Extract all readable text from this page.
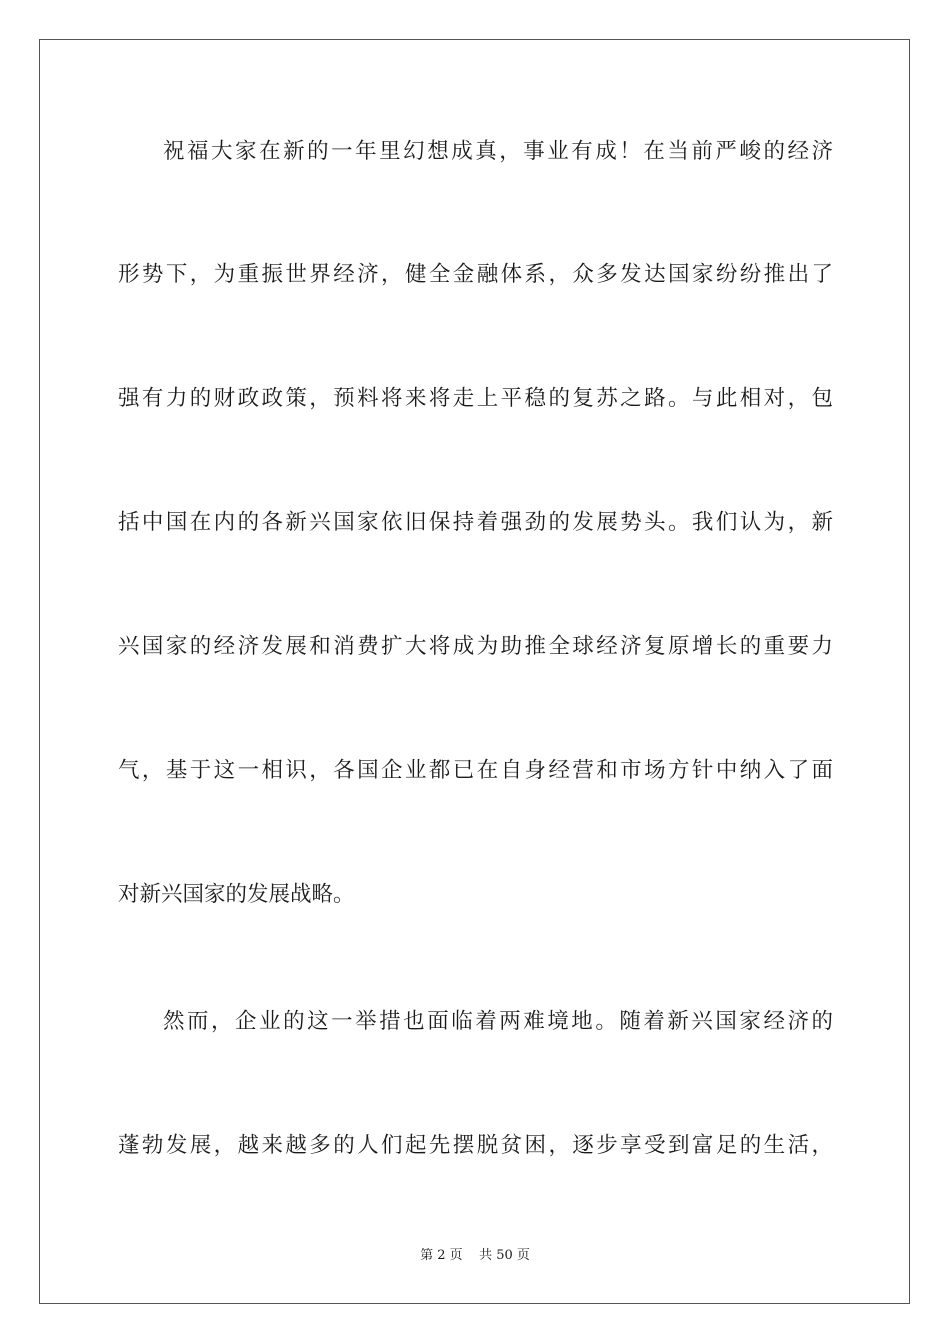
祝福大家在新的一年里幻想成真，事业有成！在当前严峻的经济
形势下，为重振世界经济，健全金融体系，众多发达国家纷纷推出了
强有力的财政政策，预料将来将走上平稳的复苏之路。与此相对，包
括中国在内的各新兴国家依旧保持着强劲的发展势头。我们认为，新
兴国家的经济发展和消费扩大将成为助推全球经济复原增长的重要力
气，基于这一相识，各国企业都已在自身经营和市场方针中纳入了面
对新兴国家的发展战略。
然而，企业的这一举措也面临着两难境地。随着新兴国家经济的
蓬勃发展，越来越多的人们起先摆脱贫困，逐步享受到富足的生活，
第 2 页    共 50 页
